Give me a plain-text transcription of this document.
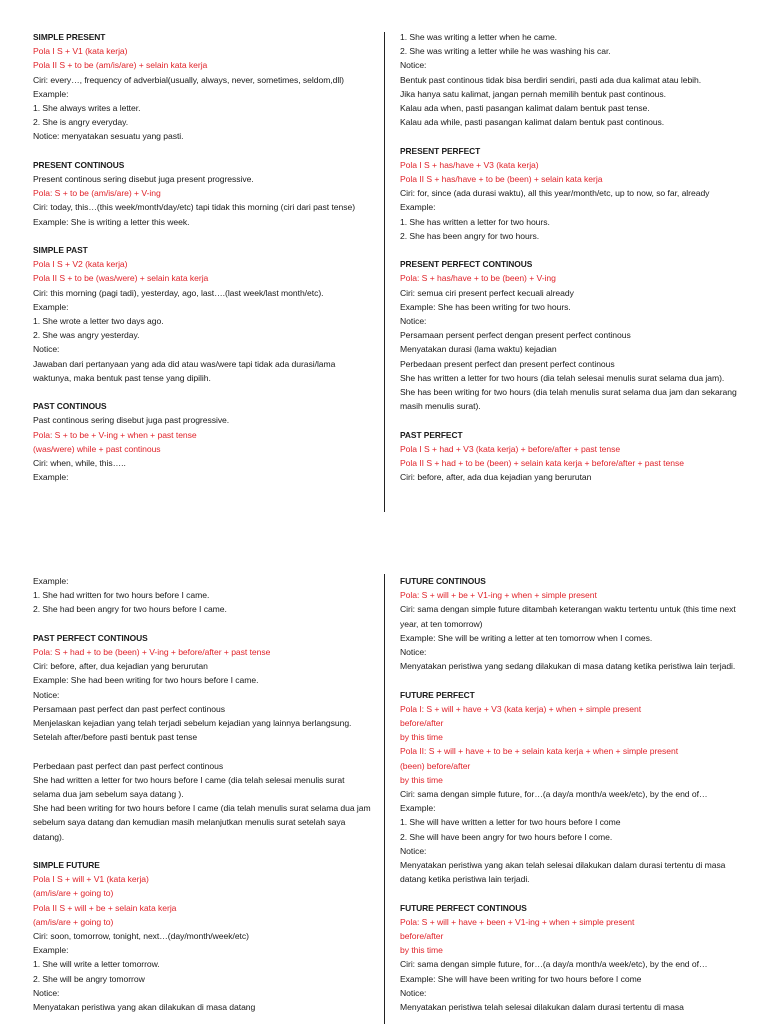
SIMPLE PRESENT
Pola I S + V1 (kata kerja)
Pola II S + to be (am/is/are) + selain kata kerja
Ciri: every…, frequency of adverbial(usually, always, never, sometimes, seldom,dll)
Example:
1. She always writes a letter.
2. She is angry everyday.
Notice: menyatakan sesuatu yang pasti.
PRESENT CONTINOUS
Present continous sering disebut juga present progressive.
Pola: S + to be (am/is/are) + V-ing
Ciri: today, this…(this week/month/day/etc) tapi tidak this morning (ciri dari past tense)
Example: She is writing a letter this week.
SIMPLE PAST
Pola I S + V2 (kata kerja)
Pola II S + to be (was/were) + selain kata kerja
Ciri: this morning (pagi tadi), yesterday, ago, last….(last week/last month/etc).
Example:
1. She wrote a letter two days ago.
2. She was angry yesterday.
Notice:
Jawaban dari pertanyaan yang ada did atau was/were tapi tidak ada durasi/lama waktunya, maka bentuk past tense yang dipilih.
PAST CONTINOUS
Past continous sering disebut juga past progressive.
Pola: S + to be + V-ing + when + past tense
(was/were) while + past continous
Ciri: when, while, this…..
Example:
1. She was writing a letter when he came.
2. She was writing a letter while he was washing his car.
Notice:
Bentuk past continous tidak bisa berdiri sendiri, pasti ada dua kalimat atau lebih.
Jika hanya satu kalimat, jangan pernah memilih bentuk past continous.
Kalau ada when, pasti pasangan kalimat dalam bentuk past tense.
Kalau ada while, pasti pasangan kalimat dalam bentuk past continous.
PRESENT PERFECT
Pola I S + has/have + V3 (kata kerja)
Pola II S + has/have + to be (been) + selain kata kerja
Ciri: for, since (ada durasi waktu), all this year/month/etc, up to now, so far, already
Example:
1. She has written a letter for two hours.
2. She has been angry for two hours.
PRESENT PERFECT CONTINOUS
Pola: S + has/have + to be (been) + V-ing
Ciri: semua ciri present perfect kecuali already
Example: She has been writing for two hours.
Notice:
Persamaan persent perfect dengan present perfect continous
Menyatakan durasi (lama waktu) kejadian
Perbedaan present perfect dan present perfect continous
She has written a letter for two hours (dia telah selesai menulis surat selama dua jam).
She has been writing for two hours (dia telah menulis surat selama dua jam dan sekarang masih menulis surat).
PAST PERFECT
Pola I S + had + V3 (kata kerja) + before/after + past tense
Pola II S + had + to be (been) + selain kata kerja + before/after + past tense
Ciri: before, after, ada dua kejadian yang berurutan
Example:
1. She had written for two hours before I came.
2. She had been angry for two hours before I came.
PAST PERFECT CONTINOUS
Pola: S + had + to be (been) + V-ing + before/after + past tense
Ciri: before, after, dua kejadian yang berurutan
Example: She had been writing for two hours before I came.
Notice:
Persamaan past perfect dan past perfect continous
Menjelaskan kejadian yang telah terjadi sebelum kejadian yang lainnya berlangsung.
Setelah after/before pasti bentuk past tense
Perbedaan past perfect dan past perfect continous
She had written a letter for two hours before I came (dia telah selesai menulis surat selama dua jam sebelum saya datang ).
She had been writing for two hours before I came (dia telah menulis surat selama dua jam sebelum saya datang dan kemudian masih melanjutkan menulis surat setelah saya datang).
SIMPLE FUTURE
Pola I S + will + V1 (kata kerja)
(am/is/are + going to)
Pola II S + will + be + selain kata kerja
(am/is/are + going to)
Ciri: soon, tomorrow, tonight, next…(day/month/week/etc)
Example:
1. She will write a letter tomorrow.
2. She will be angry tomorrow
Notice:
Menyatakan peristiwa yang akan dilakukan di masa datang
FUTURE CONTINOUS
Pola: S + will + be + V1-ing + when + simple present
Ciri: sama dengan simple future ditambah keterangan waktu tertentu untuk (this time next year, at ten tomorrow)
Example: She will be writing a letter at ten tomorrow when I comes.
Notice:
Menyatakan peristiwa yang sedang dilakukan di masa datang ketika peristiwa lain terjadi.
FUTURE PERFECT
Pola I: S + will + have + V3 (kata kerja) + when + simple present
before/after
by this time
Pola II: S + will + have + to be + selain kata kerja + when + simple present
(been) before/after
by this time
Ciri: sama dengan simple future, for…(a day/a month/a week/etc), by the end of…
Example:
1. She will have written a letter for two hours before I come
2. She will have been angry for two hours before I come.
Notice:
Menyatakan peristiwa yang akan telah selesai dilakukan dalam durasi tertentu di masa datang ketika peristiwa lain terjadi.
FUTURE PERFECT CONTINOUS
Pola: S + will + have + been + V1-ing + when + simple present
before/after
by this time
Ciri: sama dengan simple future, for…(a day/a month/a week/etc), by the end of…
Example: She will have been writing for two hours before I come
Notice:
Menyatakan peristiwa telah selesai dilakukan dalam durasi tertentu di masa
